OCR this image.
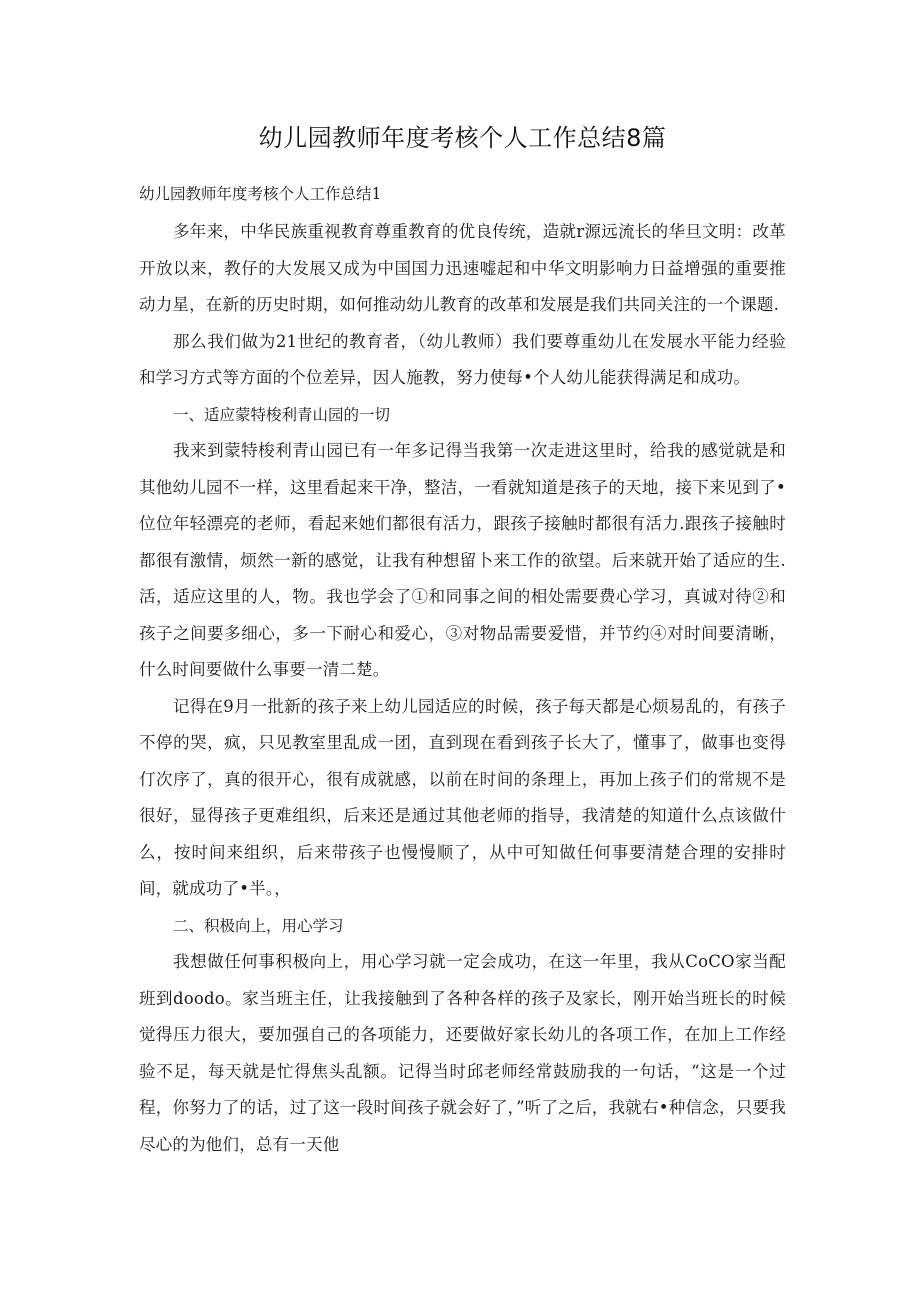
幼儿园教师年度考核个人工作总结8篇

幼儿园教师年度考核个人工作总结1

多年来，中华民族重视教育尊重教育的优良传统，造就r源远流长的华旦文明：改革开放以来，教仔的大发展又成为中国国力迅速嘘起和中华文明影响力日益增强的重要推动力星，在新的历史时期，如何推动幼儿教育的改革和发展是我们共同关注的一个课题.

那么我们做为21世纪的教育者，（幼儿教师）我们要尊重幼儿在发展水平能力经验和学习方式等方面的个位差异，因人施教，努力使每•个人幼儿能获得满足和成功。

一、适应蒙特梭利青山园的一切

我来到蒙特梭利青山园已有一年多记得当我第一次走进这里时，给我的感觉就是和其他幼儿园不一样，这里看起来干净，整洁，一看就知道是孩子的天地，接下来见到了•位位年轻漂亮的老师，看起来她们都很有活力，跟孩子接触时都很有活力.跟孩子接触时都很有激情，烦然一新的感觉，让我有种想留卜来工作的欲望。后来就开始了适应的生.活，适应这里的人，物。我也学会了①和同事之间的相处需要费心学习，真诚对待②和孩子之间要多细心，多一下耐心和爱心，③对物品需要爱惜，并节约④对时间要清晰，什么时间要做什么事要一清二楚。

记得在9月一批新的孩子来上幼儿园适应的时候，孩子每天都是心烦易乱的，有孩子不停的哭，疯，只见教室里乱成一团，直到现在看到孩子长大了，懂事了，做事也变得仃次序了，真的很开心，很有成就感，以前在时间的条理上，再加上孩子们的常规不是很好，显得孩子更难组织，后来还是通过其他老师的指导，我清楚的知道什么点该做什么，按时间来组织，后来带孩子也慢慢顺了，从中可知做任何事要清楚合理的安排时间，就成功了•半。，

二、积极向上，用心学习

我想做任何事积极向上，用心学习就一定会成功，在这一年里，我从CoCO家当配班到doodo。家当班主任，让我接触到了各种各样的孩子及家长，刚开始当班长的时候觉得压力很大，要加强自己的各项能力，还要做好家长幼儿的各项工作，在加上工作经验不足，每天就是忙得焦头乱额。记得当时邱老师经常鼓励我的一句话，“这是一个过程，你努力了的话，过了这一段时间孩子就会好了，”听了之后，我就右•种信念，只要我尽心的为他们，总有一天他
